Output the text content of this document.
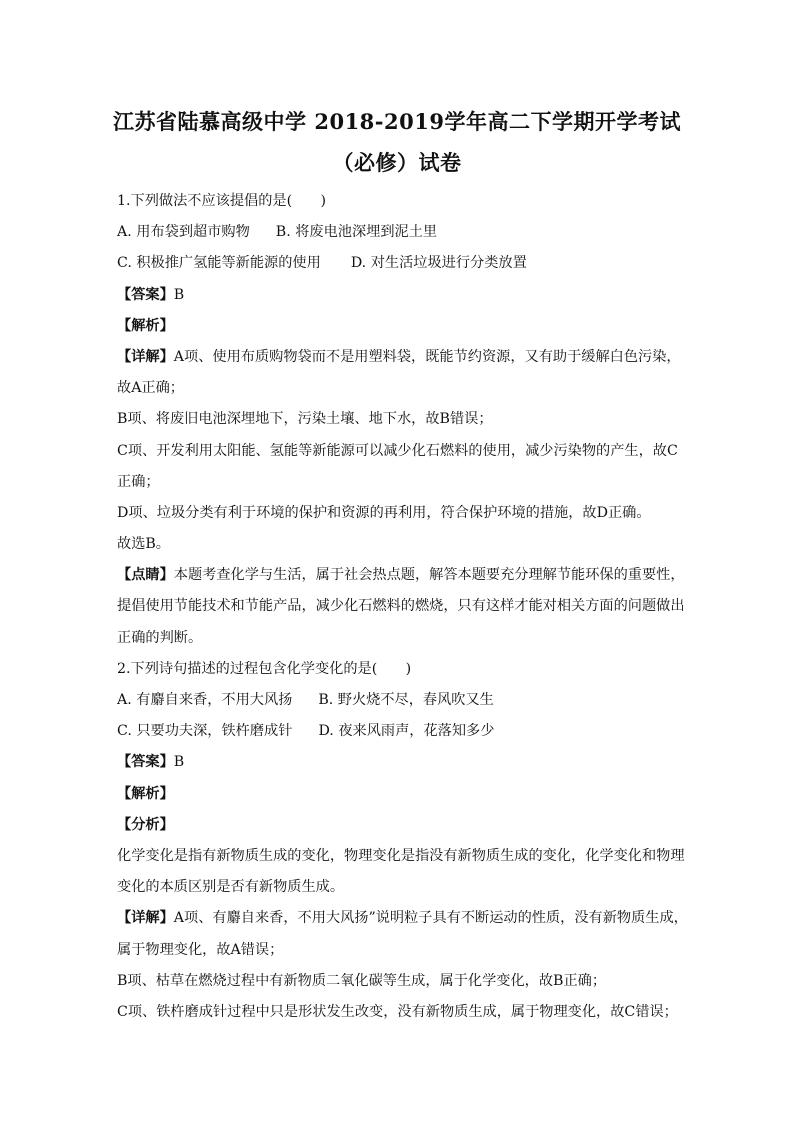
江苏省陆慕高级中学 2018-2019学年高二下学期开学考试
（必修）试卷
1.下列做法不应该提倡的是(　　)
A. 用布袋到超市购物 B. 将废电池深埋到泥土里
C. 积极推广氢能等新能源的使用 D. 对生活垃圾进行分类放置
【答案】B
【解析】
【详解】A项、使用布质购物袋而不是用塑料袋，既能节约资源，又有助于缓解白色污染，
故A正确；
B项、将废旧电池深埋地下，污染土壤、地下水，故B错误；
C项、开发利用太阳能、氢能等新能源可以减少化石燃料的使用，减少污染物的产生，故C
正确；
D项、垃圾分类有利于环境的保护和资源的再利用，符合保护环境的措施，故D正确。
故选B。
【点睛】本题考查化学与生活，属于社会热点题，解答本题要充分理解节能环保的重要性，
提倡使用节能技术和节能产品，减少化石燃料的燃烧，只有这样才能对相关方面的问题做出
正确的判断。
2.下列诗句描述的过程包含化学变化的是(　　)
A. 有麝自来香，不用大风扬 B. 野火烧不尽，春风吹又生
C. 只要功夫深，铁杵磨成针 D. 夜来风雨声，花落知多少
【答案】B
【解析】
【分析】
化学变化是指有新物质生成的变化，物理变化是指没有新物质生成的变化，化学变化和物理
变化的本质区别是否有新物质生成。
【详解】A项、有麝自来香，不用大风扬”说明粒子具有不断运动的性质，没有新物质生成，
属于物理变化，故A错误；
B项、枯草在燃烧过程中有新物质二氧化碳等生成，属于化学变化，故B正确；
C项、铁杵磨成针过程中只是形状发生改变，没有新物质生成，属于物理变化，故C错误；
